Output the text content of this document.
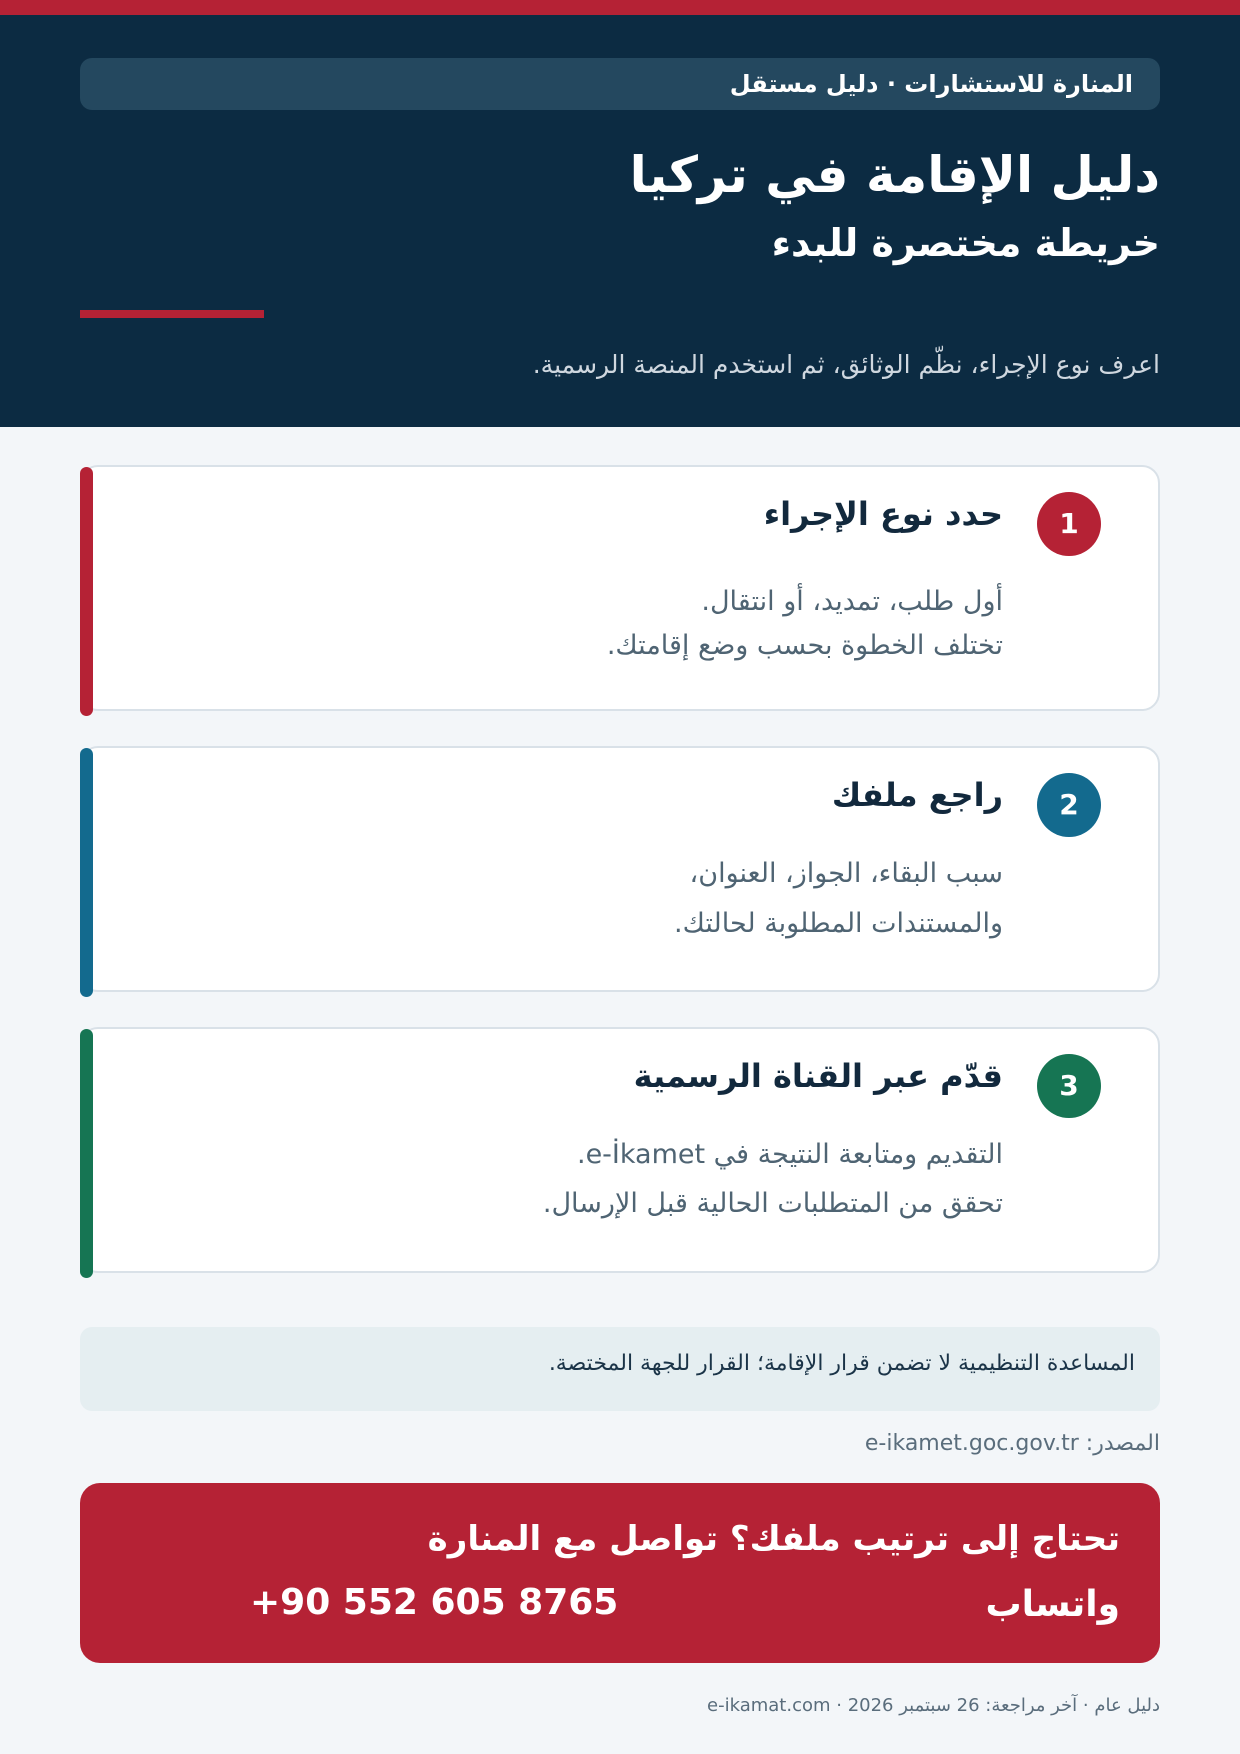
المنارة للاستشارات · دليل مستقل
دليل الإقامة في تركيا
خريطة مختصرة للبدء

اعرف نوع الإجراء، نظّم الوثائق، ثم استخدم المنصة الرسمية.

1
حدد نوع الإجراء

أول طلب، تمديد، أو انتقال.

تختلف الخطوة بحسب وضع إقامتك.

2
راجع ملفك

سبب البقاء، الجواز، العنوان،

والمستندات المطلوبة لحالتك.

3
قدّم عبر القناة الرسمية

التقديم ومتابعة النتيجة في e-İkamet.

تحقق من المتطلبات الحالية قبل الإرسال.

المساعدة التنظيمية لا تضمن قرار الإقامة؛ القرار للجهة المختصة.

المصدر: e-ikamet.goc.gov.tr

تحتاج إلى ترتيب ملفك؟ تواصل مع المنارة

واتساب

+90 552 605 8765

دليل عام · آخر مراجعة: 26 سبتمبر 2026 · e-ikamat.com
